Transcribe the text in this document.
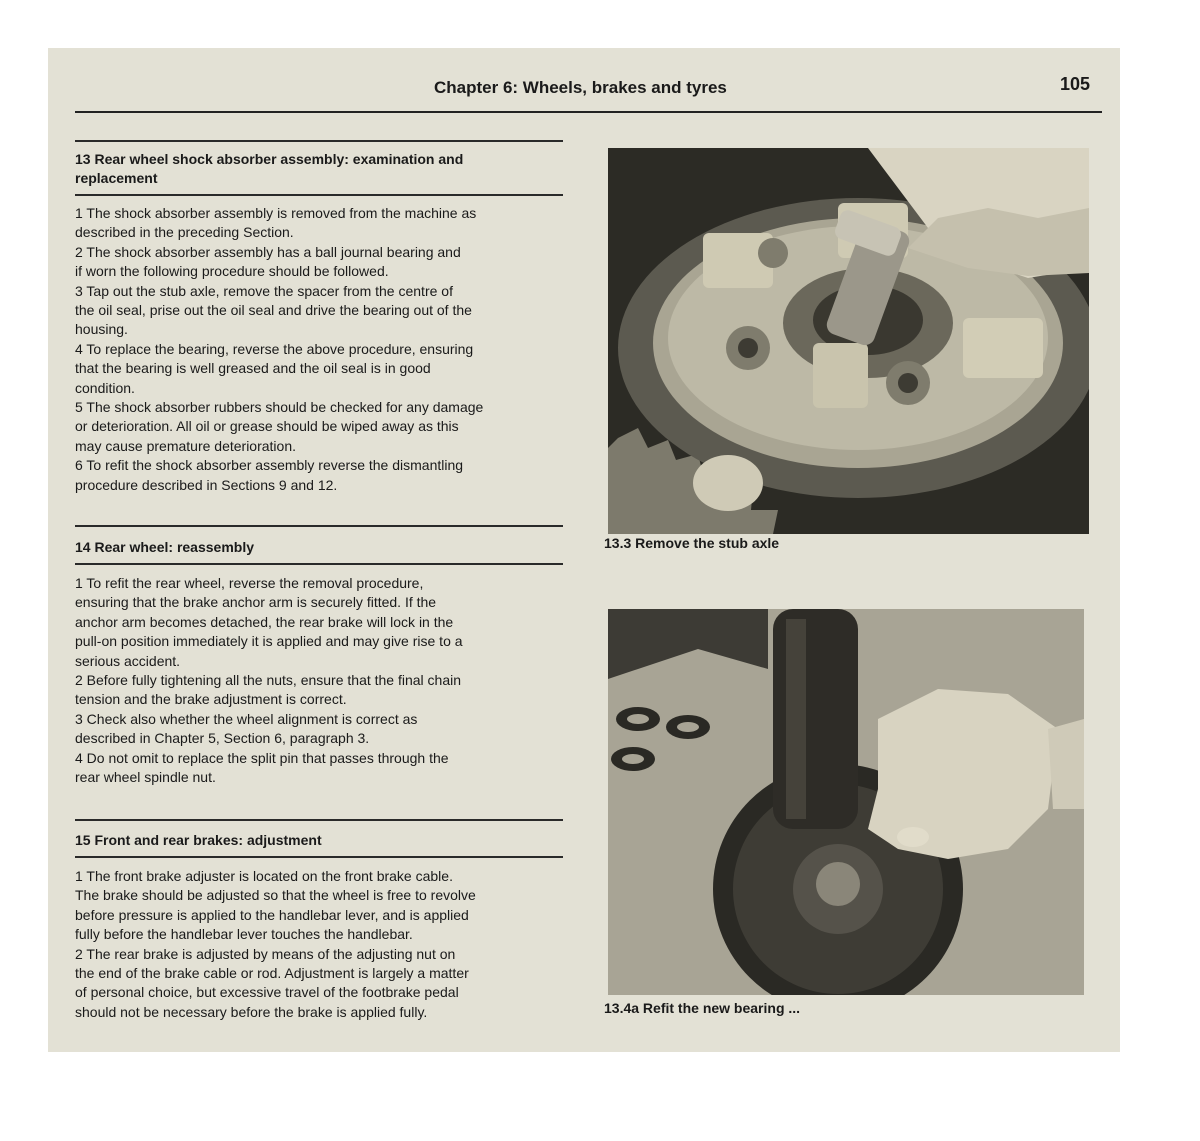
Chapter 6: Wheels, brakes and tyres	105
13 Rear wheel shock absorber assembly: examination and
replacement

1 The shock absorber assembly is removed from the machine as

described in the preceding Section.

2 The shock absorber assembly has a ball journal bearing and

if worn the following procedure should be followed.

3 Tap out the stub axle, remove the spacer from the centre of

the oil seal, prise out the oil seal and drive the bearing out of the

housing.

4 To replace the bearing, reverse the above procedure, ensuring

that the bearing is well greased and the oil seal is in good

condition.

5 The shock absorber rubbers should be checked for any damage

or deterioration. All oil or grease should be wiped away as this

may cause premature deterioration.

6 To refit the shock absorber assembly reverse the dismantling

procedure described in Sections 9 and 12.

14 Rear wheel: reassembly

1 To refit the rear wheel, reverse the removal procedure,

ensuring that the brake anchor arm is securely fitted. If the

anchor arm becomes detached, the rear brake will lock in the

pull-on position immediately it is applied and may give rise to a

serious accident.

2 Before fully tightening all the nuts, ensure that the final chain

tension and the brake adjustment is correct.

3 Check also whether the wheel alignment is correct as

described in Chapter 5, Section 6, paragraph 3.

4 Do not omit to replace the split pin that passes through the

rear wheel spindle nut.

15 Front and rear brakes: adjustment

1 The front brake adjuster is located on the front brake cable.

The brake should be adjusted so that the wheel is free to revolve

before pressure is applied to the handlebar lever, and is applied

fully before the handlebar lever touches the handlebar.

2 The rear brake is adjusted by means of the adjusting nut on

the end of the brake cable or rod. Adjustment is largely a matter

of personal choice, but excessive travel of the footbrake pedal

should not be necessary before the brake is applied fully.

13.3 Remove the stub axle
13.4a Refit the new bearing ...
